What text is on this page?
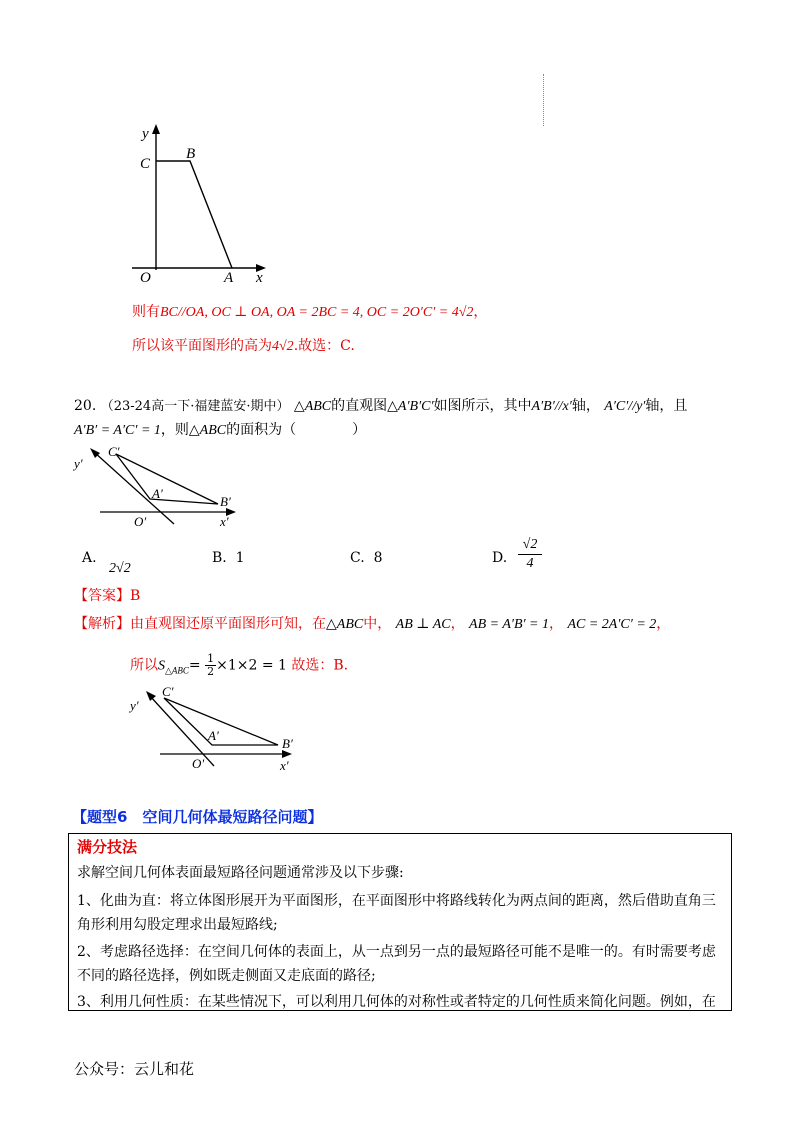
y
C
B
O	A x
则有BC//OA, OC ⊥ OA, OA = 2BC = 4, OC = 2O′C′ = 4√2，
所以该平面图形的高为4√2.故选：C.
20. （23-24高一下·福建蓝安·期中） △ABC的直观图△A′B′C′如图所示，其中A′B′//x′轴， A′C′//y′轴，且
A′B′ = A′C′ = 1，则△ABC的面积为（　　　　）
y′
C′
A′
B′
O′	x′
A. 2√2
B. 1	C. 8	D.
√2
4
【答案】B
【解析】由直观图还原平面图形可知，在△ABC中， AB ⊥ AC， AB = A′B′ = 1， AC = 2A′C′ = 2，
所以$S_{\triangle ABC}= \frac{1}{2} \times 1\times 2 = 1$ 故选：B.
y′
C′
A′
B′
O′	x′
【题型6　空间几何体最短路径问题】
满分技法
求解空间几何体表面最短路径问题通常涉及以下步骤:
1、化曲为直：将立体图形展开为平面图形，在平面图形中将路线转化为两点间的距离，然后借助直角三
角形利用勾股定理求出最短路线;
2、考虑路径选择：在空间几何体的表面上，从一点到另一点的最短路径可能不是唯一的。有时需要考虑
不同的路径选择，例如既走侧面又走底面的路径;
3、利用几何性质：在某些情况下，可以利用几何体的对称性或者特定的几何性质来简化问题。例如，在
公众号：云儿和花
